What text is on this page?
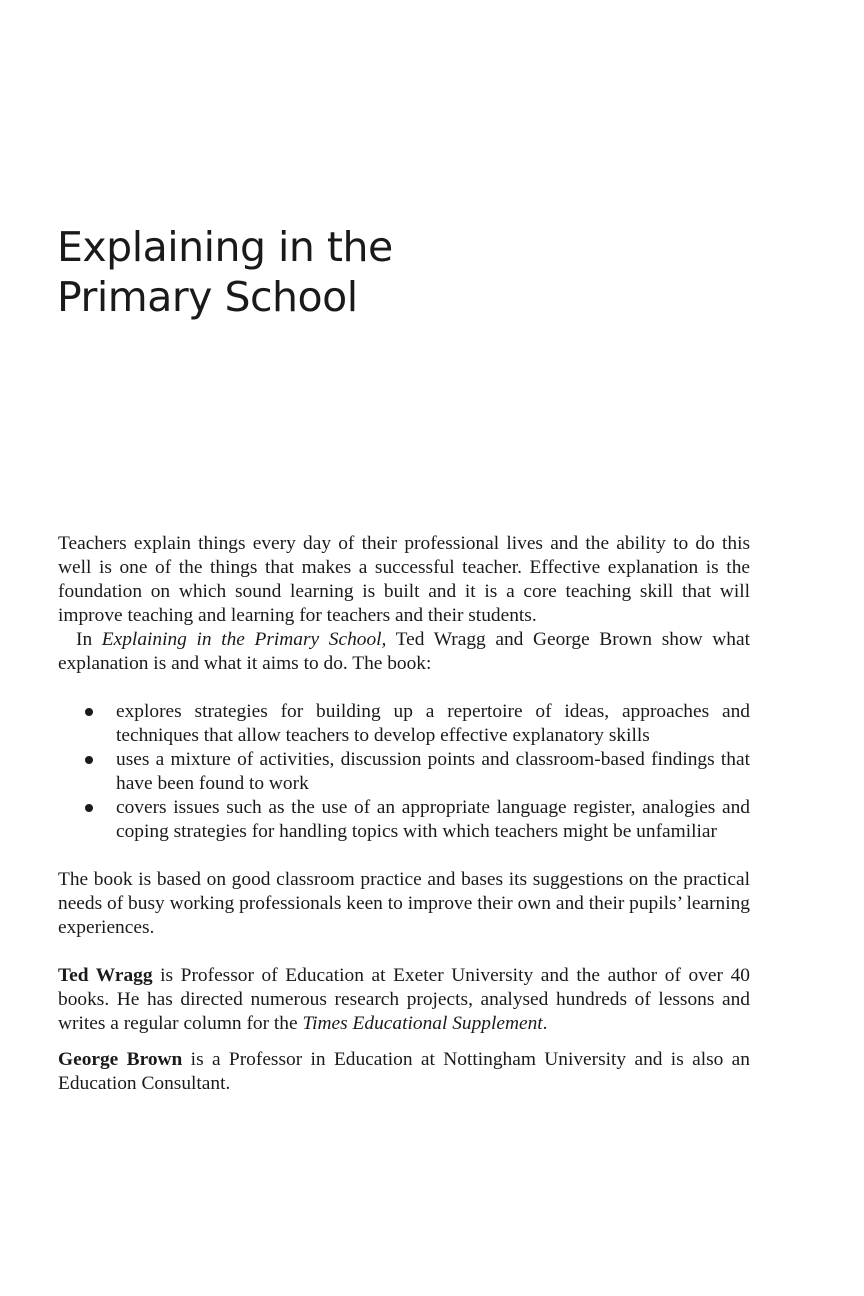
Explaining in the
Primary School

Teachers explain things every day of their professional lives and the ability to do this well is one of the things that makes a successful teacher. Effective explanation is the foundation on which sound learning is built and it is a core teaching skill that will improve teaching and learning for teachers and their students.

In Explaining in the Primary School, Ted Wragg and George Brown show what explanation is and what it aims to do. The book:

explores strategies for building up a repertoire of ideas, approaches and techniques that allow teachers to develop effective explanatory skills
uses a mixture of activities, discussion points and classroom-based findings that have been found to work
covers issues such as the use of an appropriate language register, analogies and coping strategies for handling topics with which teachers might be unfamiliar

The book is based on good classroom practice and bases its suggestions on the practical needs of busy working professionals keen to improve their own and their pupils’ learning experiences.

Ted Wragg is Professor of Education at Exeter University and the author of over 40 books. He has directed numerous research projects, analysed hundreds of lessons and writes a regular column for the Times Educational Supplement.

George Brown is a Professor in Education at Nottingham University and is also an Education Consultant.
